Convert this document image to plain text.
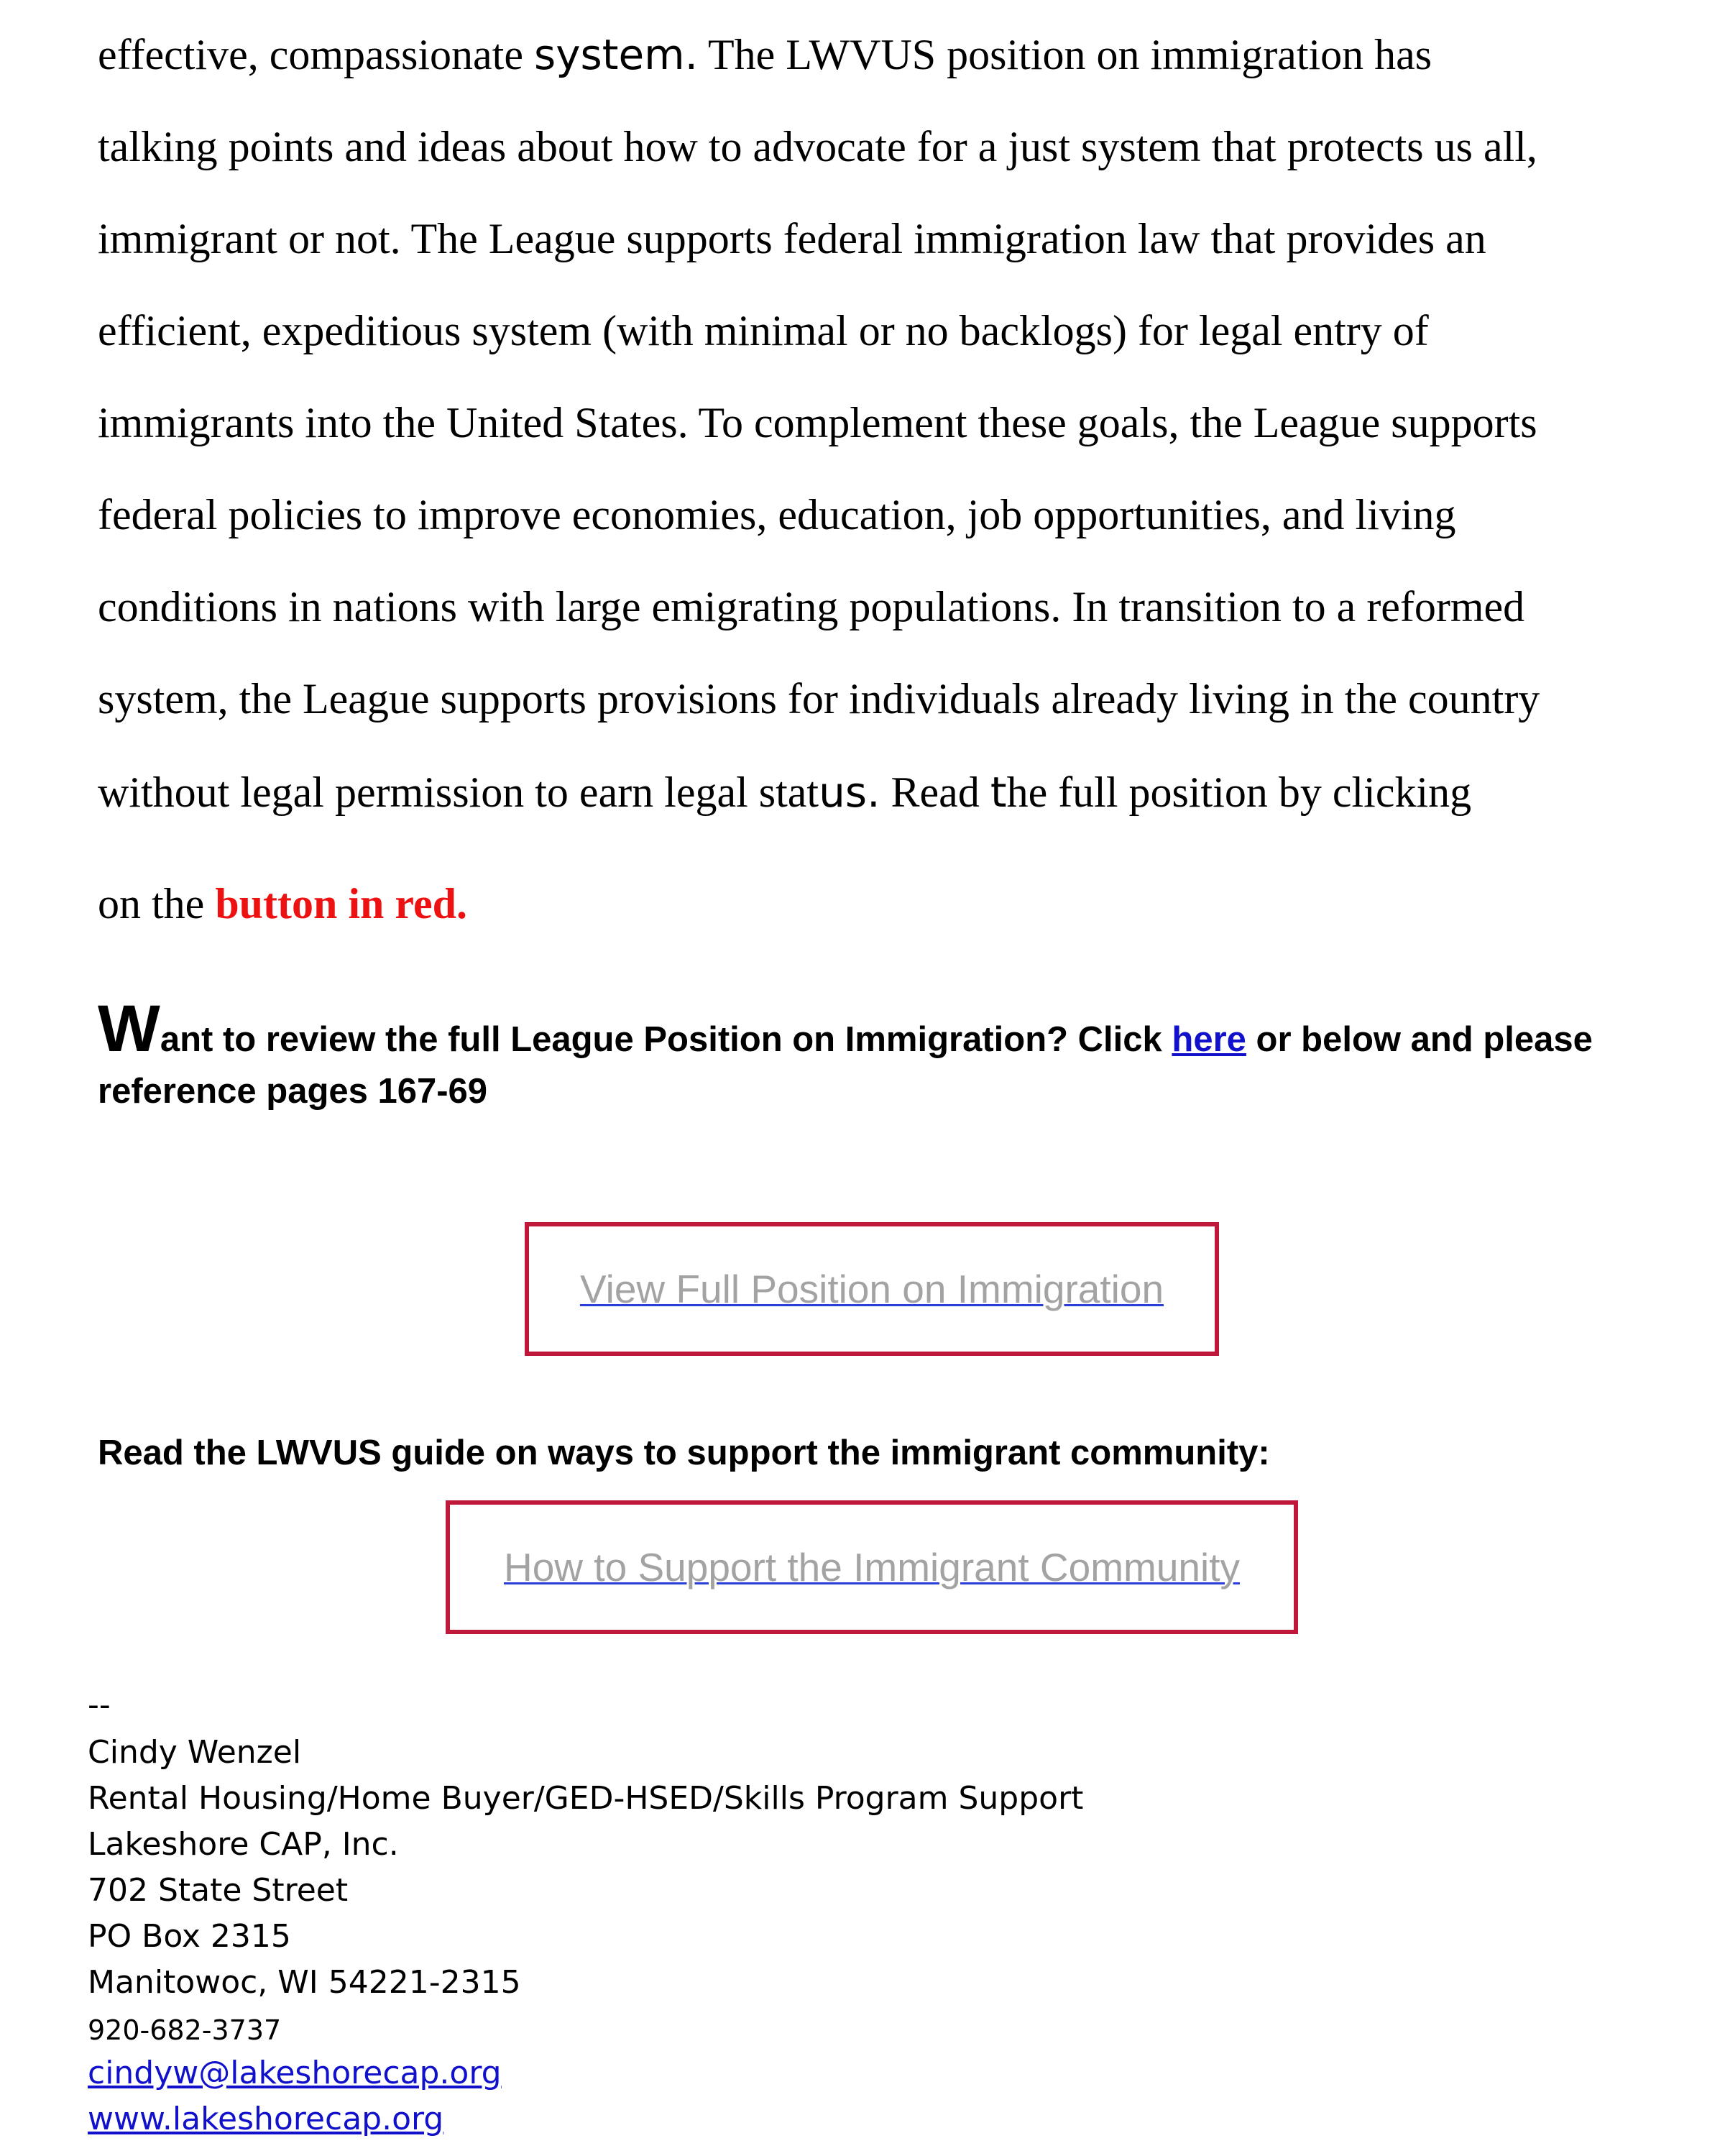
effective, compassionate system. The LWVUS position on immigration has
talking points and ideas about how to advocate for a just system that protects us all,
immigrant or not. The League supports federal immigration law that provides an
efficient, expeditious system (with minimal or no backlogs) for legal entry of
immigrants into the United States. To complement these goals, the League supports
federal policies to improve economies, education, job opportunities, and living
conditions in nations with large emigrating populations. In transition to a reformed
system, the League supports provisions for individuals already living in the country
without legal permission to earn legal status. Read the full position by clicking
on the button in red.
Want to review the full League Position on Immigration? Click here or below and please reference pages 167-69
View Full Position on Immigration
Read the LWVUS guide on ways to support the immigrant community:
How to Support the Immigrant Community
--
Cindy Wenzel
Rental Housing/Home Buyer/GED-HSED/Skills Program Support
Lakeshore CAP, Inc.
702 State Street
PO Box 2315
Manitowoc, WI 54221-2315
920-682-3737
cindyw@lakeshorecap.org
www.lakeshorecap.org
